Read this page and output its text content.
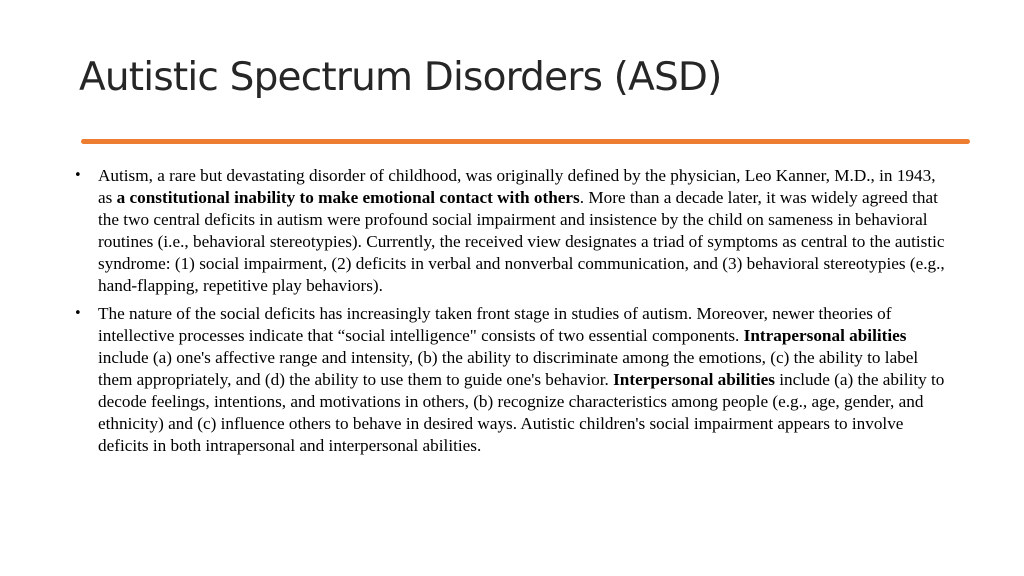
Autistic Spectrum Disorders (ASD)
• Autism, a rare but devastating disorder of childhood, was originally defined by the physician, Leo Kanner, M.D., in 1943, as a constitutional inability to make emotional contact with others. More than a decade later, it was widely agreed that the two central deficits in autism were profound social impairment and insistence by the child on sameness in behavioral routines (i.e., behavioral stereotypies). Currently, the received view designates a triad of symptoms as central to the autistic syndrome: (1) social impairment, (2) deficits in verbal and nonverbal communication, and (3) behavioral stereotypies (e.g., hand-flapping, repetitive play behaviors).
• The nature of the social deficits has increasingly taken front stage in studies of autism. Moreover, newer theories of intellective processes indicate that “social intelligence" consists of two essential components. Intrapersonal abilities include (a) one's affective range and intensity, (b) the ability to discriminate among the emotions, (c) the ability to label them appropriately, and (d) the ability to use them to guide one's behavior. Interpersonal abilities include (a) the ability to decode feelings, intentions, and motivations in others, (b) recognize characteristics among people (e.g., age, gender, and ethnicity) and (c) influence others to behave in desired ways. Autistic children's social impairment appears to involve deficits in both intrapersonal and interpersonal abilities.
